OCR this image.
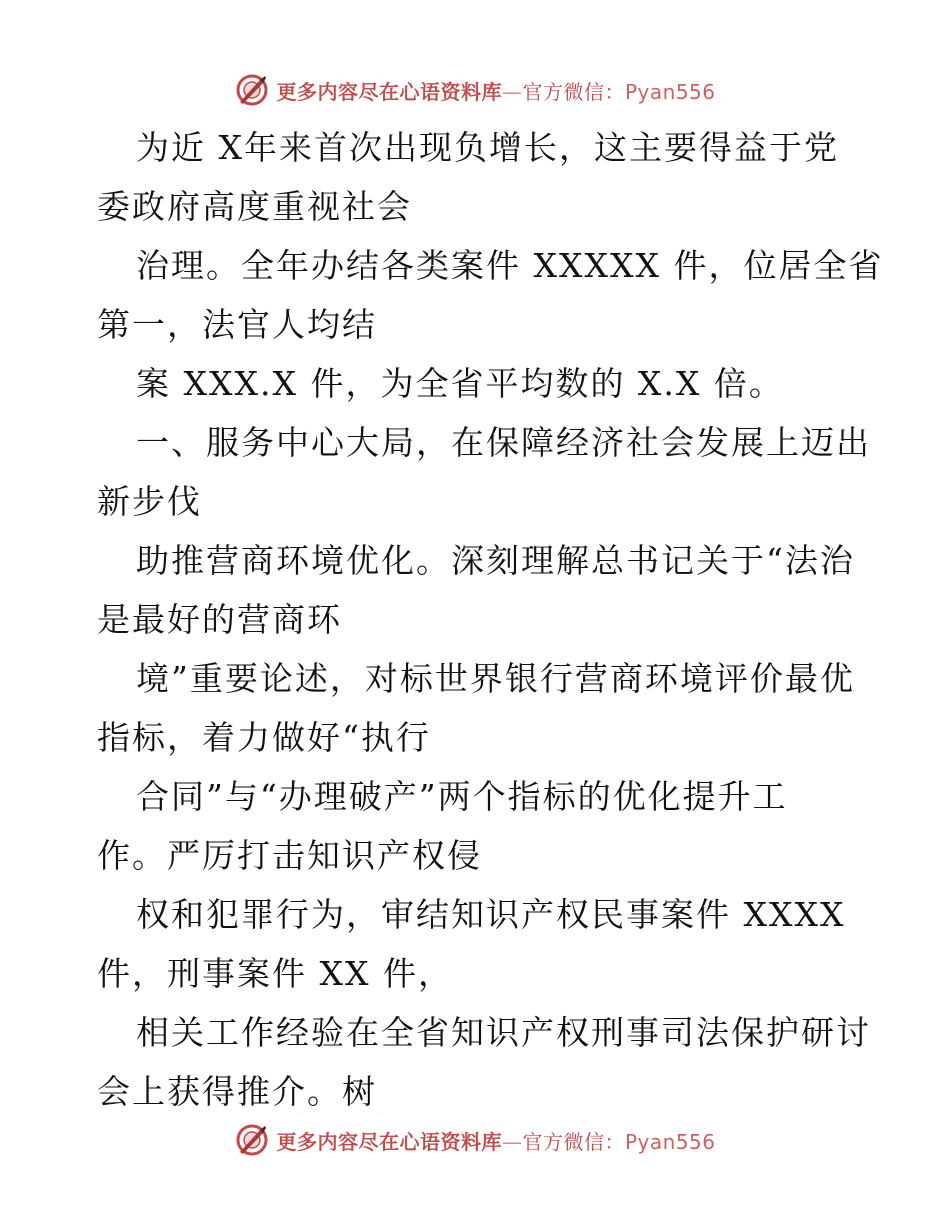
更多内容尽在心语资料库—官方微信：Pyan556
为近 X年来首次出现负增长，这主要得益于党
委政府高度重视社会
治理。全年办结各类案件 XXXXX 件，位居全省
第一，法官人均结
案 XXX.X 件，为全省平均数的 X.X 倍。
一、服务中心大局，在保障经济社会发展上迈出
新步伐
助推营商环境优化。深刻理解总书记关于“法治
是最好的营商环
境”重要论述，对标世界银行营商环境评价最优
指标，着力做好“执行
合同”与“办理破产”两个指标的优化提升工
作。严厉打击知识产权侵
权和犯罪行为，审结知识产权民事案件 XXXX
件，刑事案件 XX 件，
相关工作经验在全省知识产权刑事司法保护研讨
会上获得推介。树
更多内容尽在心语资料库—官方微信：Pyan556
